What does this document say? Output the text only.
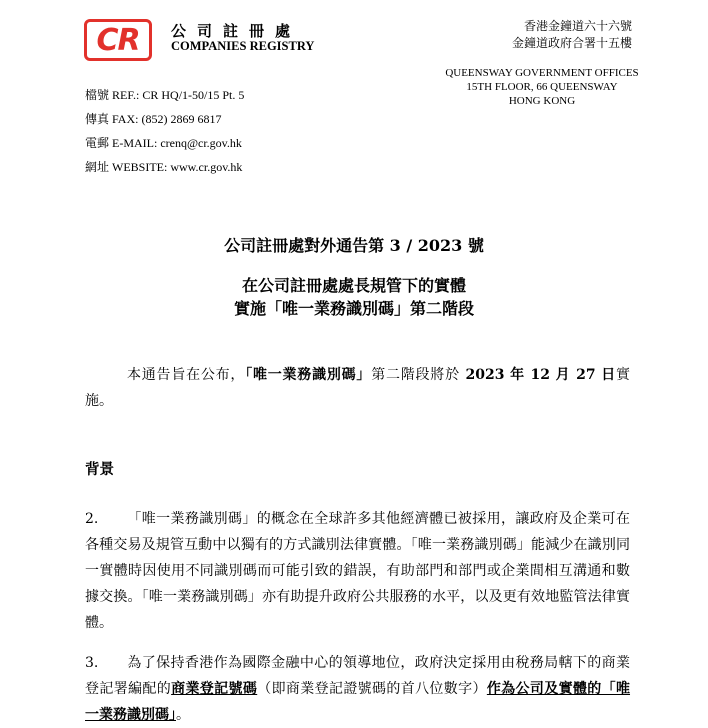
CR 公司註冊處
COMPANIES REGISTRY
香港金鐘道六十六號
金鐘道政府合署十五樓
QUEENSWAY GOVERNMENT OFFICES
15TH FLOOR, 66 QUEENSWAY
HONG KONG
檔號 REF.: CR HQ/1-50/15 Pt. 5
傳真 FAX: (852) 2869 6817
電郵 E-MAIL: crenq@cr.gov.hk
網址 WEBSITE: www.cr.gov.hk
公司註冊處對外通告第 3 / 2023 號
在公司註冊處處長規管下的實體
實施「唯一業務識別碼」第二階段
本通告旨在公布，「唯一業務識別碼」第二階段將於 2023 年 12 月 27 日實施。
背景
2. 「唯一業務識別碼」的概念在全球許多其他經濟體已被採用，讓政府及企業可在各種交易及規管互動中以獨有的方式識別法律實體。「唯一業務識別碼」能減少在識別同一實體時因使用不同識別碼而可能引致的錯誤，有助部門和部門或企業間相互溝通和數據交換。「唯一業務識別碼」亦有助提升政府公共服務的水平，以及更有效地監管法律實體。
3. 為了保持香港作為國際金融中心的領導地位，政府決定採用由稅務局轄下的商業登記署編配的商業登記號碼（即商業登記證號碼的首八位數字）作為公司及實體的「唯一業務識別碼」。
